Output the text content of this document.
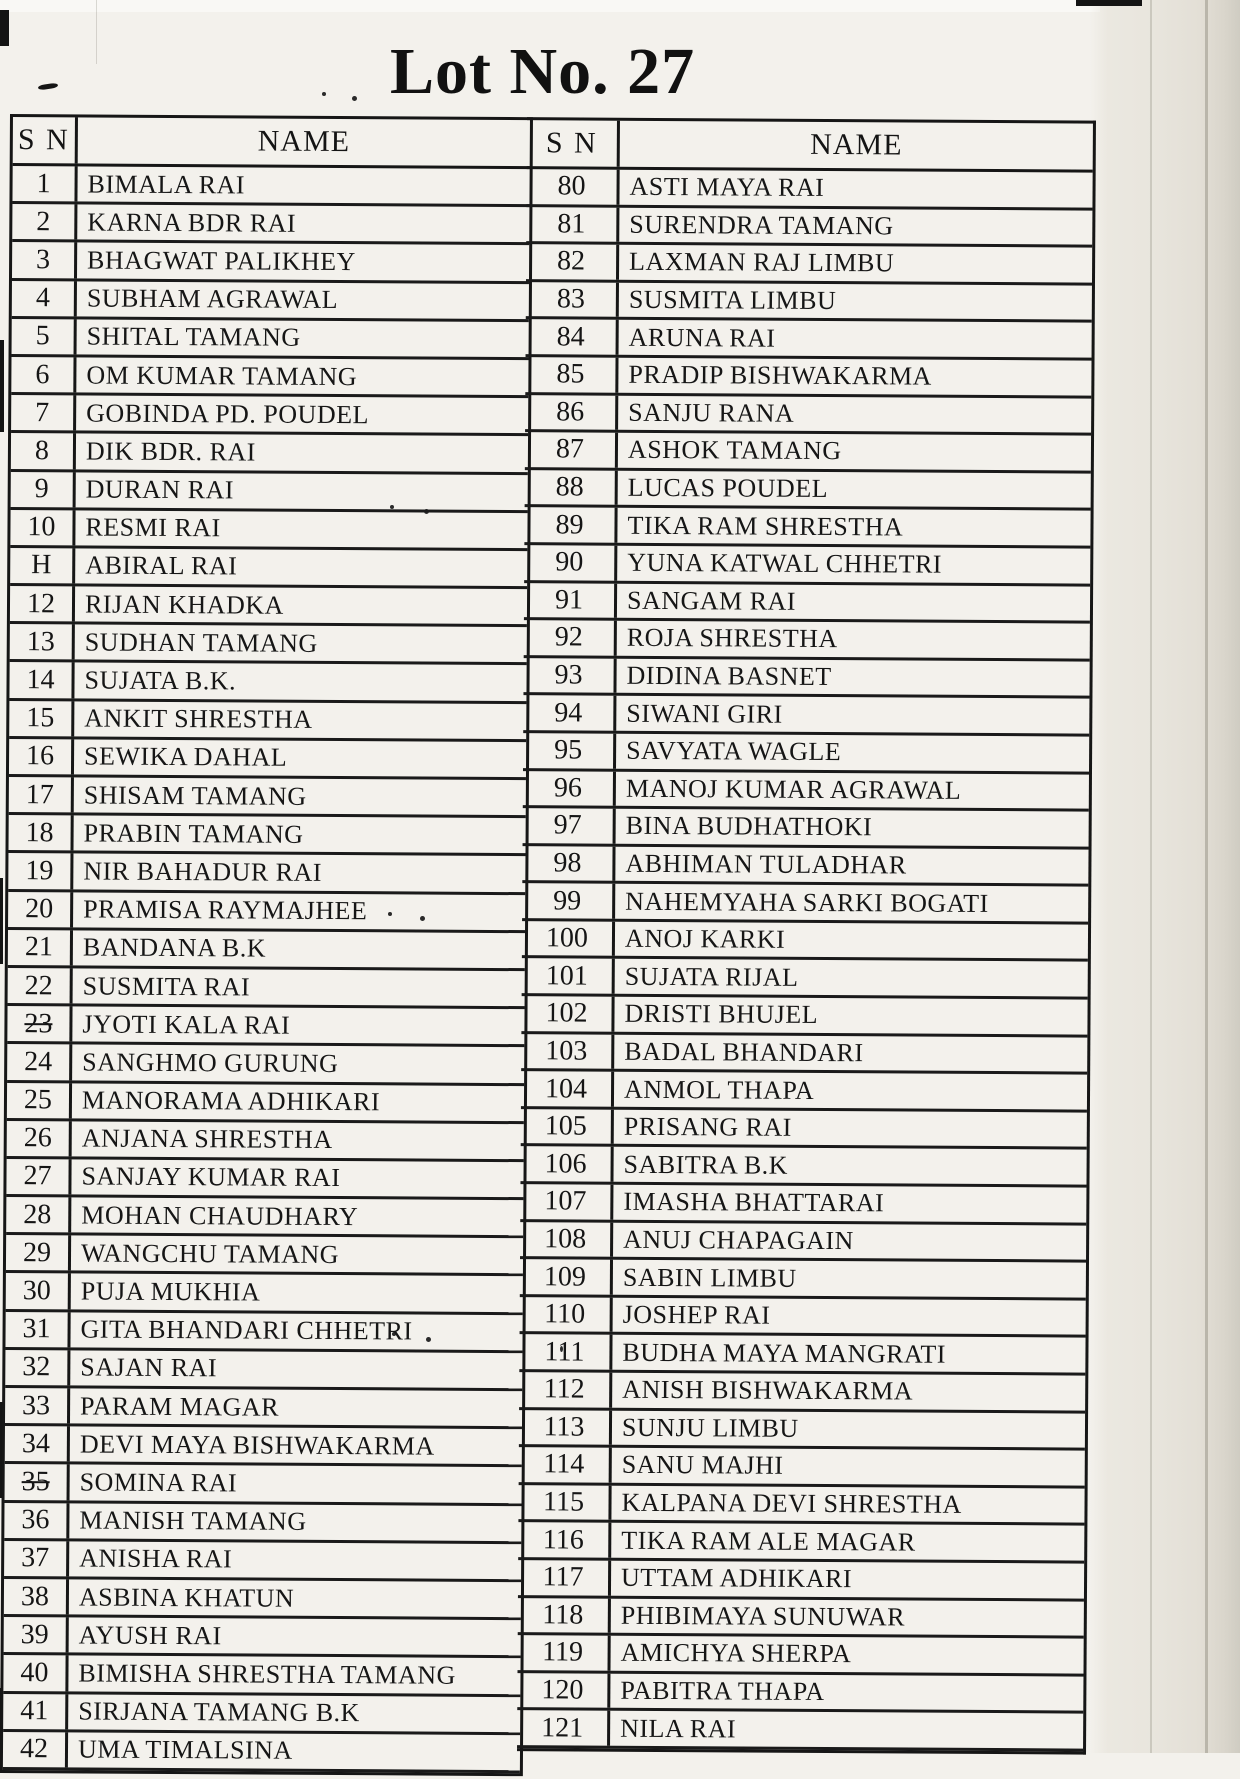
Lot No. 27
S N	NAME
1	BIMALA RAI
2	KARNA BDR RAI
3	BHAGWAT PALIKHEY
4	SUBHAM AGRAWAL
5	SHITAL TAMANG
6	OM KUMAR TAMANG
7	GOBINDA PD. POUDEL
8	DIK BDR. RAI
9	DURAN RAI
10	RESMI RAI
H	ABIRAL RAI
12	RIJAN KHADKA
13	SUDHAN TAMANG
14	SUJATA B.K.
15	ANKIT SHRESTHA
16	SEWIKA DAHAL
17	SHISAM TAMANG
18	PRABIN TAMANG
19	NIR BAHADUR RAI
20	PRAMISA RAYMAJHEE
21	BANDANA B.K
22	SUSMITA RAI
23	JYOTI KALA RAI
24	SANGHMO GURUNG
25	MANORAMA ADHIKARI
26	ANJANA SHRESTHA
27	SANJAY KUMAR RAI
28	MOHAN CHAUDHARY
29	WANGCHU TAMANG
30	PUJA MUKHIA
31	GITA BHANDARI CHHETRI
32	SAJAN RAI
33	PARAM MAGAR
34	DEVI MAYA BISHWAKARMA
35	SOMINA RAI
36	MANISH TAMANG
37	ANISHA RAI
38	ASBINA KHATUN
39	AYUSH RAI
40	BIMISHA SHRESTHA TAMANG
41	SIRJANA TAMANG B.K
42	UMA TIMALSINA
S N	NAME
80	ASTI MAYA RAI
81	SURENDRA TAMANG
82	LAXMAN RAJ LIMBU
83	SUSMITA LIMBU
84	ARUNA RAI
85	PRADIP BISHWAKARMA
86	SANJU RANA
87	ASHOK TAMANG
88	LUCAS POUDEL
89	TIKA RAM SHRESTHA
90	YUNA KATWAL CHHETRI
91	SANGAM RAI
92	ROJA SHRESTHA
93	DIDINA BASNET
94	SIWANI GIRI
95	SAVYATA WAGLE
96	MANOJ KUMAR AGRAWAL
97	BINA BUDHATHOKI
98	ABHIMAN TULADHAR
99	NAHEMYAHA SARKI BOGATI
100	ANOJ KARKI
101	SUJATA RIJAL
102	DRISTI BHUJEL
103	BADAL BHANDARI
104	ANMOL THAPA
105	PRISANG RAI
106	SABITRA B.K
107	IMASHA BHATTARAI
108	ANUJ CHAPAGAIN
109	SABIN LIMBU
110	JOSHEP RAI
111	BUDHA MAYA MANGRATI
112	ANISH BISHWAKARMA
113	SUNJU LIMBU
114	SANU MAJHI
115	KALPANA DEVI SHRESTHA
116	TIKA RAM ALE MAGAR
117	UTTAM ADHIKARI
118	PHIBIMAYA SUNUWAR
119	AMICHYA SHERPA
120	PABITRA THAPA
121	NILA RAI
